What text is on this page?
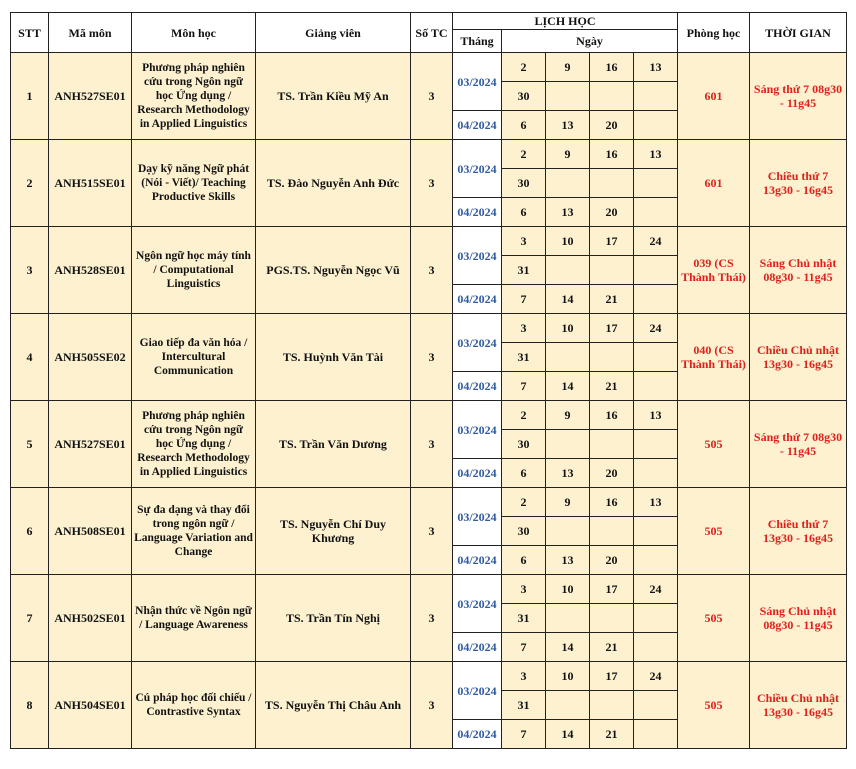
STT	Mã môn	Môn học	Giảng viên	Số TC	LỊCH HỌC					Phòng học	THỜI GIAN
					Tháng	Ngày					
1	ANH527SE01	Phương pháp nghiên cứu trong Ngôn ngữ học Ứng dụng / Research Methodology in Applied Linguistics	TS. Trần Kiều Mỹ An	3	03/2024	2	9	16	13	601	Sáng thứ 7 08g30 - 11g45
						30					
					04/2024	6	13	20			
2	ANH515SE01	Dạy kỹ năng Ngữ phát (Nói - Viết)/ Teaching Productive Skills	TS. Đào Nguyễn Anh Đức	3	03/2024	2	9	16	13	601	Chiều thứ 7 13g30 - 16g45
						30					
					04/2024	6	13	20			
3	ANH528SE01	Ngôn ngữ học máy tính / Computational Linguistics	PGS.TS. Nguyễn Ngọc Vũ	3	03/2024	3	10	17	24	039 (CS Thành Thái)	Sáng Chủ nhật 08g30 - 11g45
						31					
					04/2024	7	14	21			
4	ANH505SE02	Giao tiếp đa văn hóa / Intercultural Communication	TS. Huỳnh Văn Tài	3	03/2024	3	10	17	24	040 (CS Thành Thái)	Chiều Chủ nhật 13g30 - 16g45
						31					
					04/2024	7	14	21			
5	ANH527SE01	Phương pháp nghiên cứu trong Ngôn ngữ học Ứng dụng / Research Methodology in Applied Linguistics	TS. Trần Văn Dương	3	03/2024	2	9	16	13	505	Sáng thứ 7 08g30 - 11g45
						30					
					04/2024	6	13	20			
6	ANH508SE01	Sự đa dạng và thay đổi trong ngôn ngữ / Language Variation and Change	TS. Nguyễn Chí Duy Khương	3	03/2024	2	9	16	13	505	Chiều thứ 7 13g30 - 16g45
						30					
					04/2024	6	13	20			
7	ANH502SE01	Nhận thức về Ngôn ngữ / Language Awareness	TS. Trần Tín Nghị	3	03/2024	3	10	17	24	505	Sáng Chủ nhật 08g30 - 11g45
						31					
					04/2024	7	14	21			
8	ANH504SE01	Cú pháp học đối chiếu / Contrastive Syntax	TS. Nguyễn Thị Châu Anh	3	03/2024	3	10	17	24	505	Chiều Chủ nhật 13g30 - 16g45
						31					
					04/2024	7	14	21			
